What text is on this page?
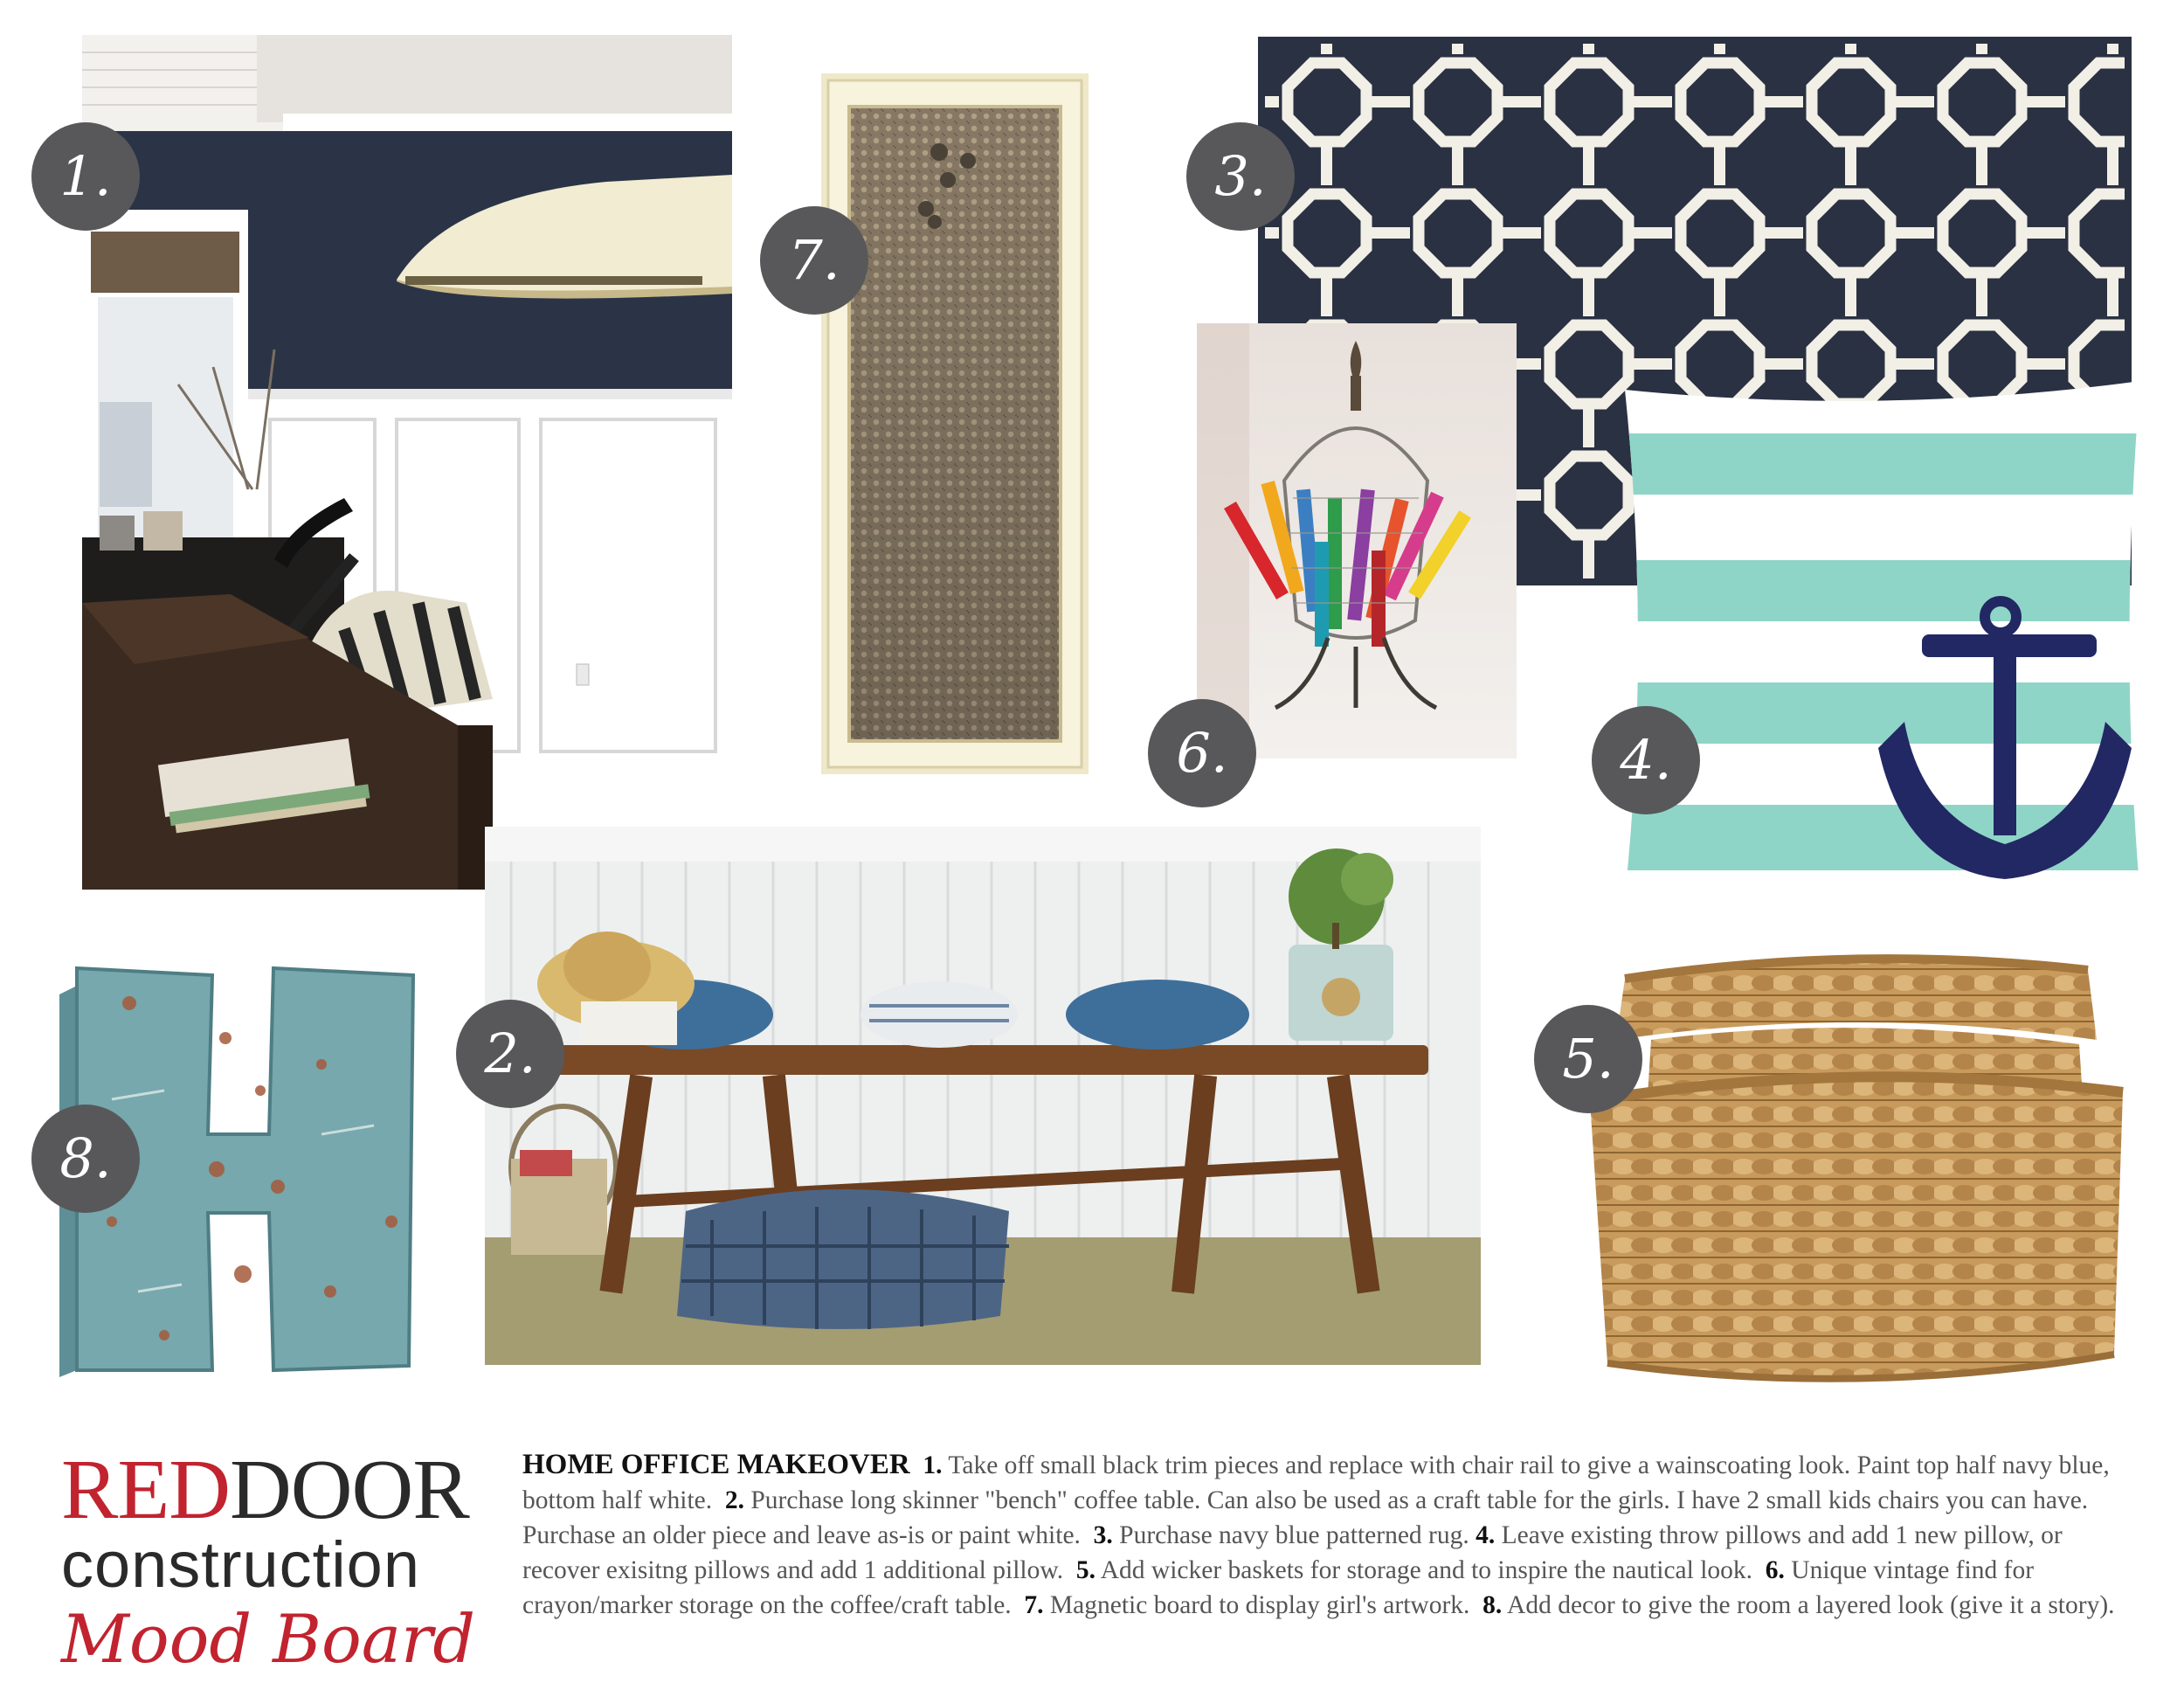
1.
7.
3.
6.	4.
2.	5.
8.
REDDOOR
construction
Mood Board
HOME OFFICE MAKEOVER 1. Take off small black trim pieces and replace with chair rail to give a wainscoating look. Paint top half navy blue, bottom half white. 2. Purchase long skinner "bench" coffee table. Can also be used as a craft table for the girls. I have 2 small kids chairs you can have. Purchase an older piece and leave as-is or paint white. 3. Purchase navy blue patterned rug. 4. Leave existing throw pillows and add 1 new pillow, or recover exisitng pillows and add 1 additional pillow. 5. Add wicker baskets for storage and to inspire the nautical look. 6. Unique vintage find for crayon/marker storage on the coffee/craft table. 7. Magnetic board to display girl's artwork. 8. Add decor to give the room a layered look (give it a story).
